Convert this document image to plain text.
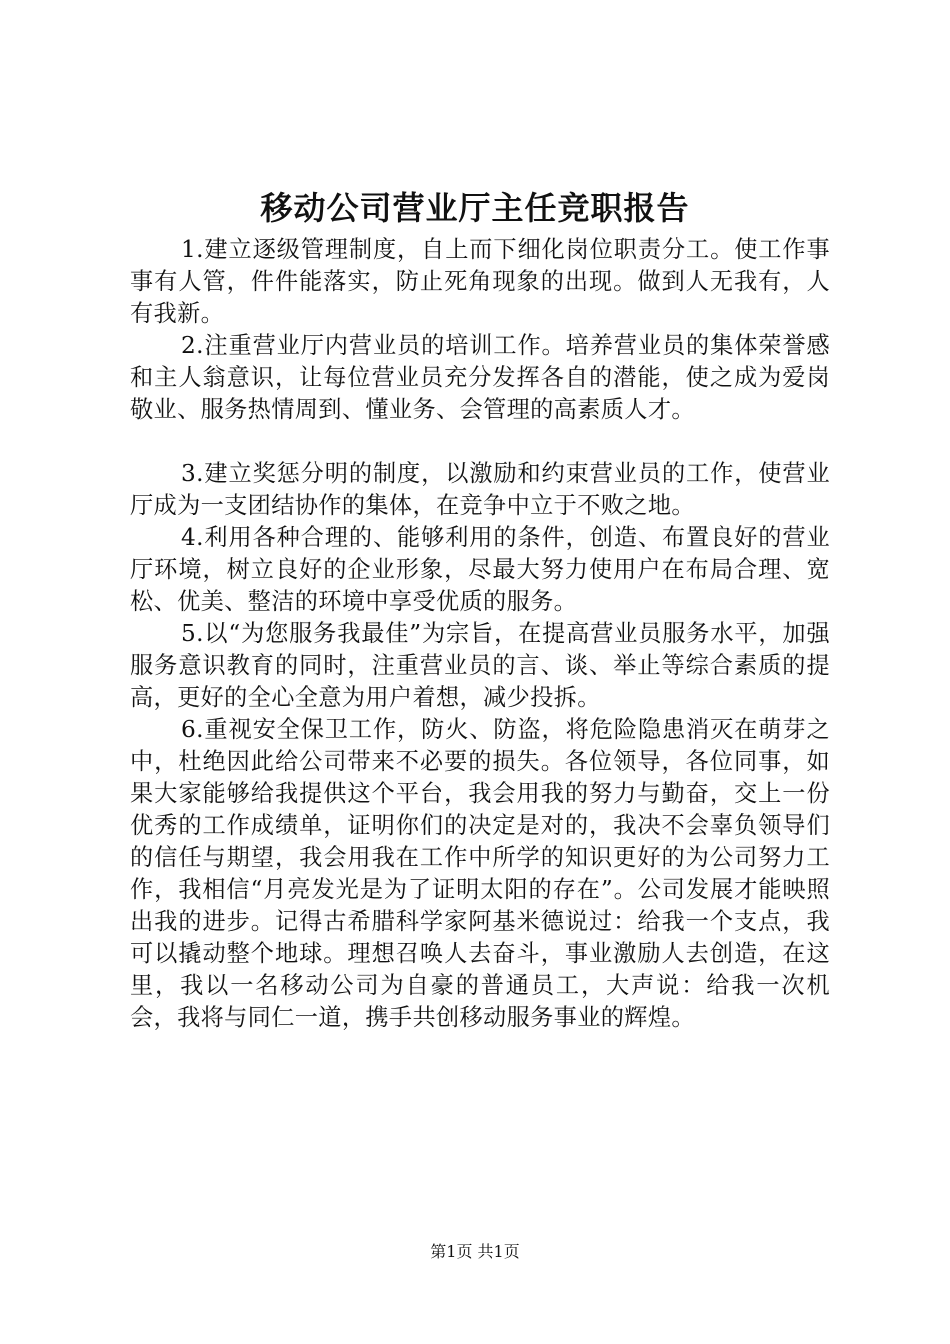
移动公司营业厅主任竞职报告

1.建立逐级管理制度，自上而下细化岗位职责分工。使工作事事有人管，件件能落实，防止死角现象的出现。做到人无我有，人有我新。

2.注重营业厅内营业员的培训工作。培养营业员的集体荣誉感和主人翁意识，让每位营业员充分发挥各自的潜能，使之成为爱岗敬业、服务热情周到、懂业务、会管理的高素质人才。

3.建立奖惩分明的制度，以激励和约束营业员的工作，使营业厅成为一支团结协作的集体，在竞争中立于不败之地。

4.利用各种合理的、能够利用的条件，创造、布置良好的营业厅环境，树立良好的企业形象，尽最大努力使用户在布局合理、宽松、优美、整洁的环境中享受优质的服务。

5.以“为您服务我最佳”为宗旨，在提高营业员服务水平，加强服务意识教育的同时，注重营业员的言、谈、举止等综合素质的提高，更好的全心全意为用户着想，减少投拆。

6.重视安全保卫工作，防火、防盗，将危险隐患消灭在萌芽之中，杜绝因此给公司带来不必要的损失。各位领导，各位同事，如果大家能够给我提供这个平台，我会用我的努力与勤奋，交上一份优秀的工作成绩单，证明你们的决定是对的，我决不会辜负领导们的信任与期望，我会用我在工作中所学的知识更好的为公司努力工作，我相信“月亮发光是为了证明太阳的存在”。公司发展才能映照出我的进步。记得古希腊科学家阿基米德说过：给我一个支点，我可以撬动整个地球。理想召唤人去奋斗，事业激励人去创造，在这里，我以一名移动公司为自豪的普通员工，大声说：给我一次机会，我将与同仁一道，携手共创移动服务事业的辉煌。

第1页 共1页
